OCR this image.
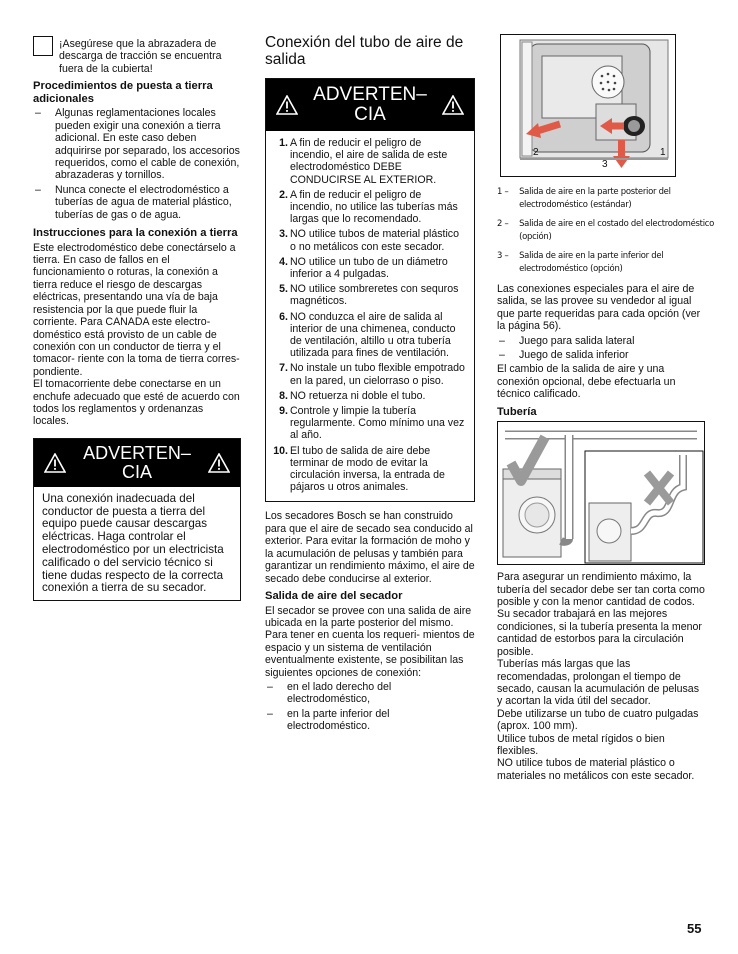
¡Asegúrese que la abrazadera de descarga de tracción se encuentra fuera de la cubierta!

Procedimientos de puesta a tierra adicionales
– Algunas reglamentaciones locales pueden exigir una conexión a tierra adicional. En este caso deben adquirirse por separado, los accesorios requeridos, como el cable de conexión, abrazaderas y tornillos.
– Nunca conecte el electrodoméstico a tuberías de agua de material plástico, tuberías de gas o de agua.
Instrucciones para la conexión a tierra

Este electrodoméstico debe conectárselo a tierra. En caso de fallos en el funcionamiento o roturas, la conexión a tierra reduce el riesgo de descargas eléctricas, presentando una vía de baja resistencia por la que puede fluir la corriente. Para CANADA este electro- doméstico está provisto de un cable de conexión con un conductor de tierra y el tomacor- riente con la toma de tierra corres- pondiente.

El tomacorriente debe conectarse en un enchufe adecuado que esté de acuerdo con todos los reglamentos y ordenanzas locales.

ADVERTEN– CIA

Una conexión inadecuada del conductor de puesta a tierra del equipo puede causar descargas eléctricas. Haga controlar el electrodoméstico por un electricista calificado o del servicio técnico si tiene dudas respecto de la correcta conexión a tierra de su secador.

Conexión del tubo de aire de salida
ADVERTEN– CIA
1. A fin de reducir el peligro de incendio, el aire de salida de este electrodoméstico DEBE CONDUCIRSE AL EXTERIOR.
2. A fin de reducir el peligro de incendio, no utilice las tuberías más largas que lo recomendado.
3. NO utilice tubos de material plástico o no metálicos con este secador.
4. NO utilice un tubo de un diámetro inferior a 4 pulgadas.
5. NO utilice sombreretes con sequros magnéticos.
6. NO conduzca el aire de salida al interior de una chimenea, conducto de ventilación, altillo u otra tubería utilizada para fines de ventilación.
7. No instale un tubo flexible empotrado en la pared, un cielorraso o piso.
8. NO retuerza ni doble el tubo.
9. Controle y limpie la tubería regularmente. Como mínimo una vez al año.
10. El tubo de salida de aire debe terminar de modo de evitar la circulación inversa, la entrada de pájaros u otros animales.

Los secadores Bosch se han construido para que el aire de secado sea conducido al exterior. Para evitar la formación de moho y la acumulación de pelusas y también para garantizar un rendimiento máximo, el aire de secado debe conducirse al exterior.

Salida de aire del secador

El secador se provee con una salida de aire ubicada en la parte posterior del mismo.

Para tener en cuenta los requeri- mientos de espacio y un sistema de ventilación eventualmente existente, se posibilitan las siguientes opciones de conexión:

– en el lado derecho del electrodoméstico,
– en la parte inferior del electrodoméstico.
2	1
3
1 – Salida de aire en la parte posterior del electrodoméstico (estándar)
2 – Salida de aire en el costado del electrodoméstico (opción)
3 – Salida de aire en la parte inferior del electrodoméstico (opción)

Las conexiones especiales para el aire de salida, se las provee su vendedor al igual que parte requeridas para cada opción (ver la página 56).

– Juego para salida lateral
– Juego de salida inferior

El cambio de la salida de aire y una conexión opcional, debe efectuarla un técnico calificado.

Tubería

Para asegurar un rendimiento máximo, la tubería del secador debe ser tan corta como posible y con la menor cantidad de codos. Su secador trabajará en las mejores condiciones, si la tubería presenta la menor cantidad de estorbos para la circulación posible.

Tuberías más largas que las recomendadas, prolongan el tiempo de secado, causan la acumulación de pelusas y acortan la vida útil del secador.

Debe utilizarse un tubo de cuatro pulgadas (aprox. 100 mm).

Utilice tubos de metal rígidos o bien flexibles.

NO utilice tubos de material plástico o materiales no metálicos con este secador.

55
